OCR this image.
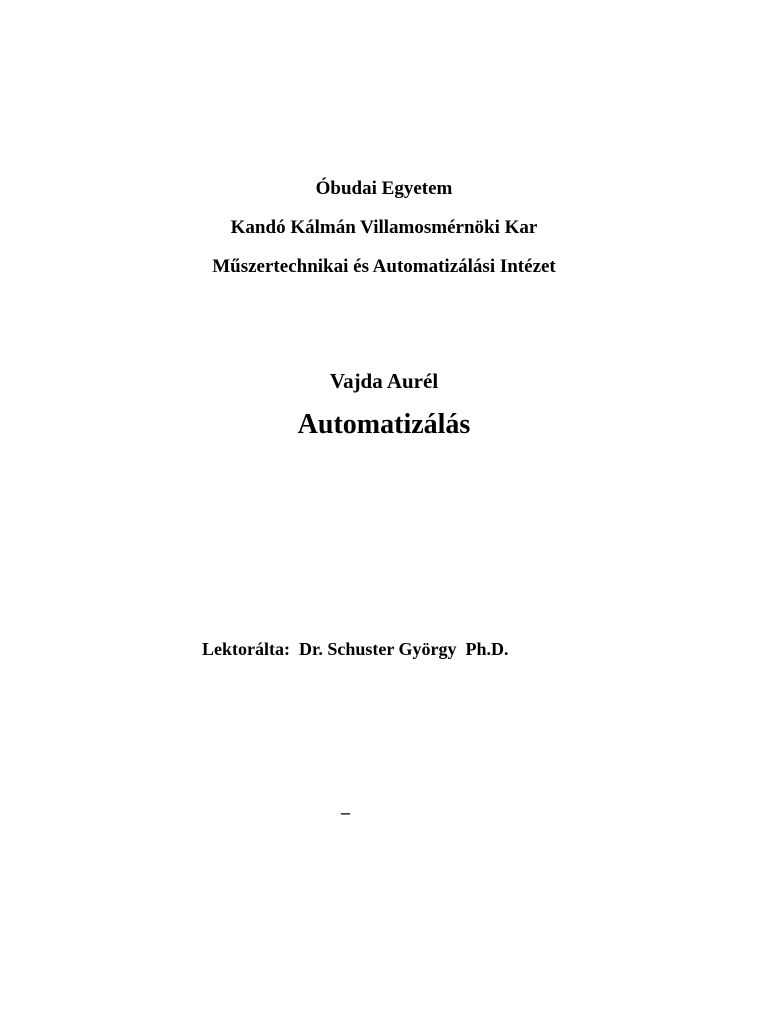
Óbudai Egyetem
Kandó Kálmán Villamosmérnöki Kar
Műszertechnikai és Automatizálási Intézet
Vajda Aurél
Automatizálás
Lektorálta: Dr. Schuster György  Ph.D.
–
